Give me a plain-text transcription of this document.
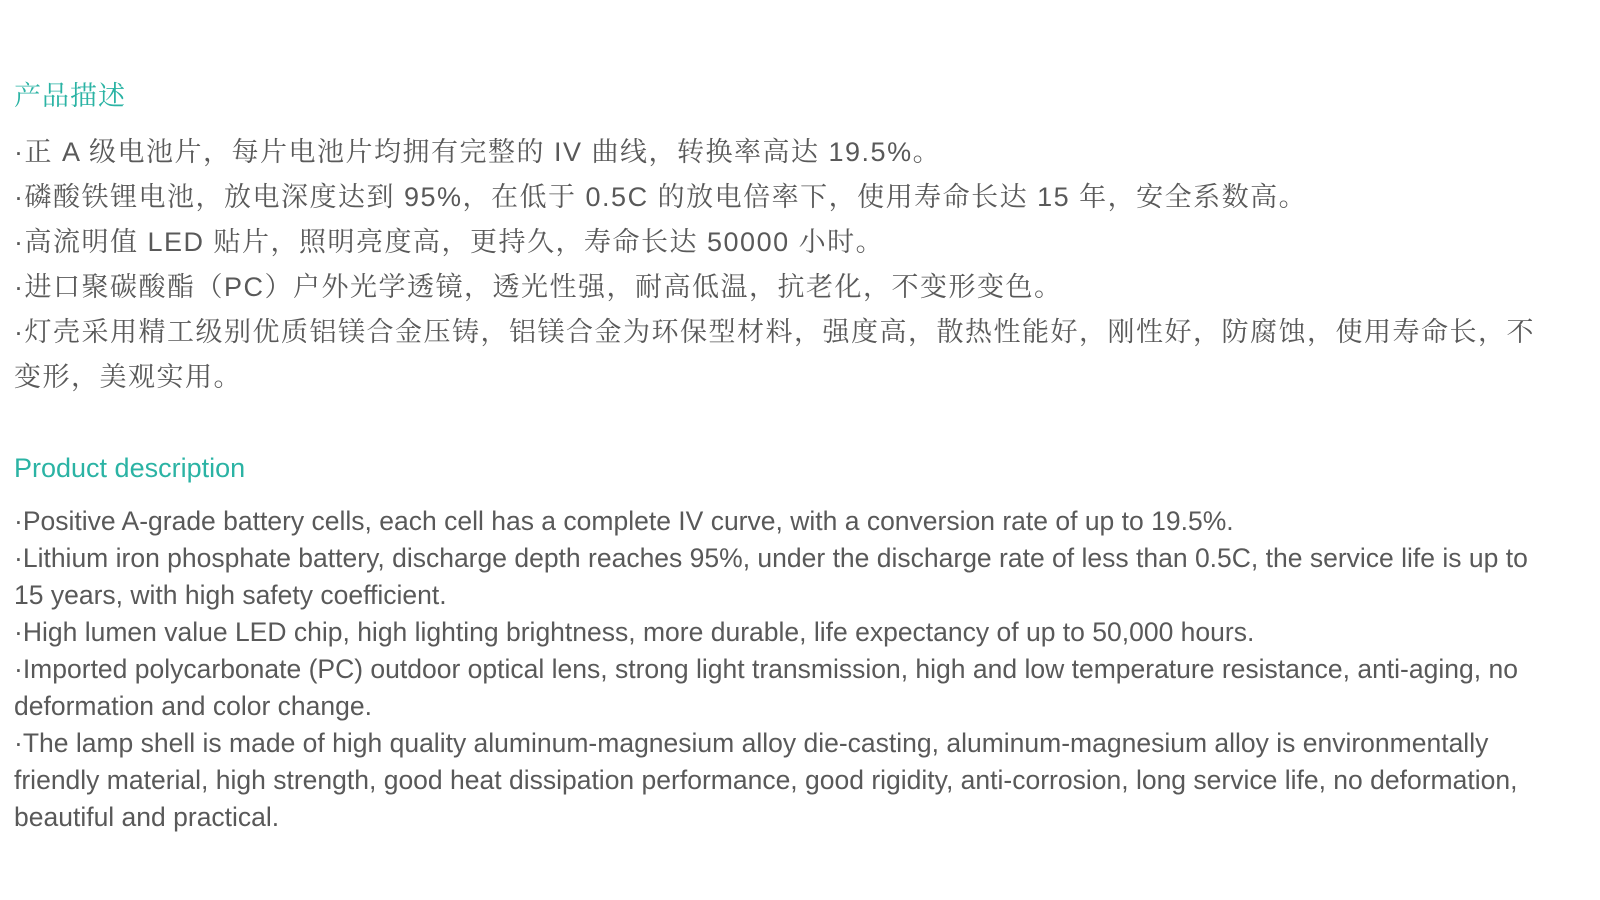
产品描述
·正 A 级电池片，每片电池片均拥有完整的 IV 曲线，转换率高达 19.5%。
·磷酸铁锂电池，放电深度达到 95%，在低于 0.5C 的放电倍率下，使用寿命长达 15 年，安全系数高。
·高流明值 LED 贴片，照明亮度高，更持久，寿命长达 50000 小时。
·进口聚碳酸酯（PC）户外光学透镜，透光性强，耐高低温，抗老化，不变形变色。
·灯壳采用精工级别优质铝镁合金压铸，铝镁合金为环保型材料，强度高，散热性能好，刚性好，防腐蚀，使用寿命长，不变形，美观实用。
Product description
·Positive A-grade battery cells, each cell has a complete IV curve, with a conversion rate of up to 19.5%.
·Lithium iron phosphate battery, discharge depth reaches 95%, under the discharge rate of less than 0.5C, the service life is up to 15 years, with high safety coefficient.
·High lumen value LED chip, high lighting brightness, more durable, life expectancy of up to 50,000 hours.
·Imported polycarbonate (PC) outdoor optical lens, strong light transmission, high and low temperature resistance, anti-aging, no deformation and color change.
·The lamp shell is made of high quality aluminum-magnesium alloy die-casting, aluminum-magnesium alloy is environmentally friendly material, high strength, good heat dissipation performance, good rigidity, anti-corrosion, long service life, no deformation, beautiful and practical.
